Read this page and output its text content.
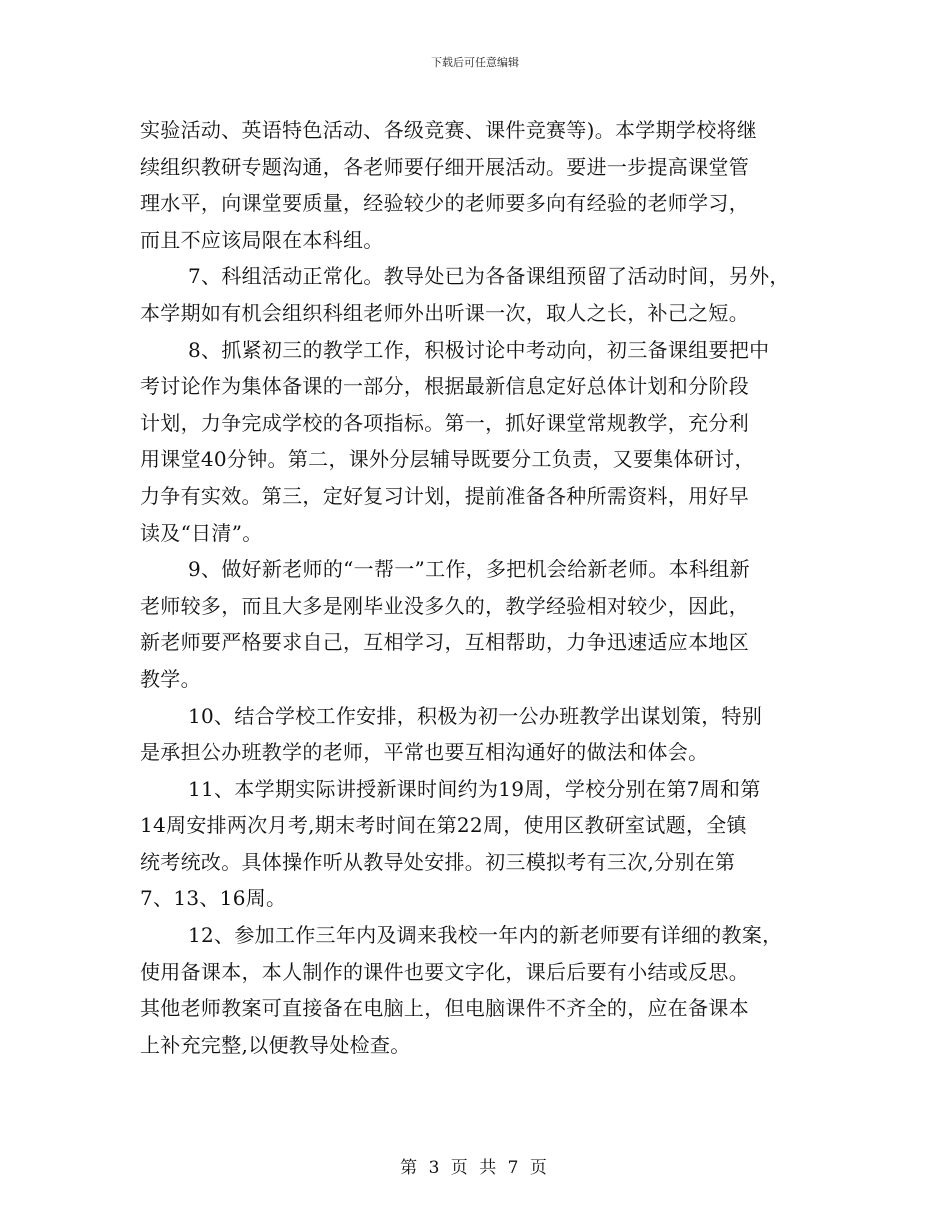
下载后可任意编辑
实验活动、英语特色活动、各级竞赛、课件竞赛等)。本学期学校将继
续组织教研专题沟通，各老师要仔细开展活动。要进一步提高课堂管
理水平，向课堂要质量，经验较少的老师要多向有经验的老师学习，
而且不应该局限在本科组。
7、科组活动正常化。教导处已为各备课组预留了活动时间，另外，
本学期如有机会组织科组老师外出听课一次，取人之长，补己之短。
8、抓紧初三的教学工作，积极讨论中考动向，初三备课组要把中
考讨论作为集体备课的一部分，根据最新信息定好总体计划和分阶段
计划，力争完成学校的各项指标。第一，抓好课堂常规教学，充分利
用课堂40分钟。第二，课外分层辅导既要分工负责，又要集体研讨，
力争有实效。第三，定好复习计划，提前准备各种所需资料，用好早
读及“日清”。
9、做好新老师的“一帮一”工作，多把机会给新老师。本科组新
老师较多，而且大多是刚毕业没多久的，教学经验相对较少，因此，
新老师要严格要求自己，互相学习，互相帮助，力争迅速适应本地区
教学。
10、结合学校工作安排，积极为初一公办班教学出谋划策，特别
是承担公办班教学的老师，平常也要互相沟通好的做法和体会。
11、本学期实际讲授新课时间约为19周，学校分别在第7周和第
14周安排两次月考,期末考时间在第22周，使用区教研室试题，全镇
统考统改。具体操作听从教导处安排。初三模拟考有三次,分别在第
7、13、16周。
12、参加工作三年内及调来我校一年内的新老师要有详细的教案，
使用备课本，本人制作的课件也要文字化，课后后要有小结或反思。
其他老师教案可直接备在电脑上，但电脑课件不齐全的，应在备课本
上补充完整,以便教导处检查。
第 3 页 共 7 页
